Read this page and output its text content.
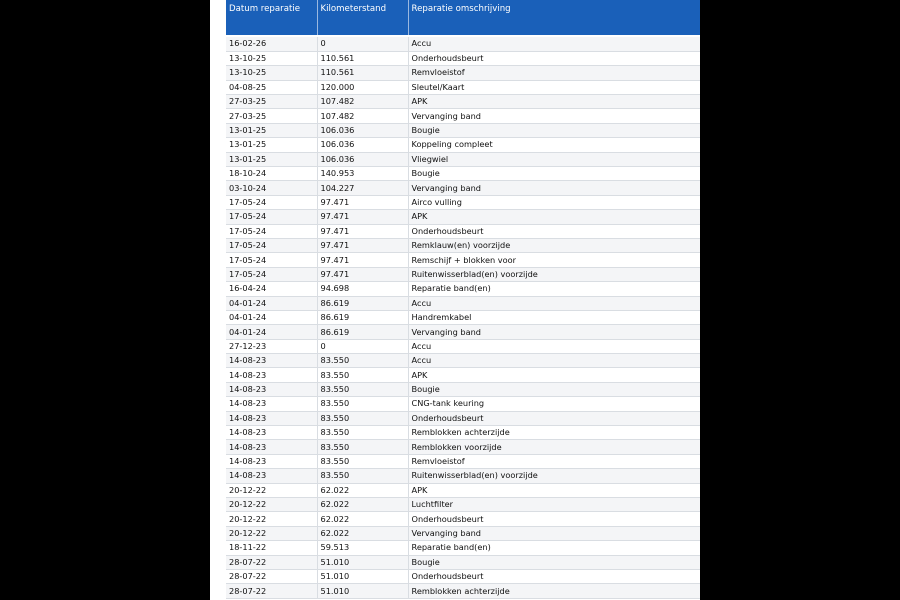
Datum reparatie	Kilometerstand	Reparatie omschrijving

16-02-26	0	Accu
13-10-25	110.561	Onderhoudsbeurt
13-10-25	110.561	Remvloeistof
04-08-25	120.000	Sleutel/Kaart
27-03-25	107.482	APK
27-03-25	107.482	Vervanging band
13-01-25	106.036	Bougie
13-01-25	106.036	Koppeling compleet
13-01-25	106.036	Vliegwiel
18-10-24	140.953	Bougie
03-10-24	104.227	Vervanging band
17-05-24	97.471	Airco vulling
17-05-24	97.471	APK
17-05-24	97.471	Onderhoudsbeurt
17-05-24	97.471	Remklauw(en) voorzijde
17-05-24	97.471	Remschijf + blokken voor
17-05-24	97.471	Ruitenwisserblad(en) voorzijde
16-04-24	94.698	Reparatie band(en)
04-01-24	86.619	Accu
04-01-24	86.619	Handremkabel
04-01-24	86.619	Vervanging band
27-12-23	0	Accu
14-08-23	83.550	Accu
14-08-23	83.550	APK
14-08-23	83.550	Bougie
14-08-23	83.550	CNG-tank keuring
14-08-23	83.550	Onderhoudsbeurt
14-08-23	83.550	Remblokken achterzijde
14-08-23	83.550	Remblokken voorzijde
14-08-23	83.550	Remvloeistof
14-08-23	83.550	Ruitenwisserblad(en) voorzijde
20-12-22	62.022	APK
20-12-22	62.022	Luchtfilter
20-12-22	62.022	Onderhoudsbeurt
20-12-22	62.022	Vervanging band
18-11-22	59.513	Reparatie band(en)
28-07-22	51.010	Bougie
28-07-22	51.010	Onderhoudsbeurt
28-07-22	51.010	Remblokken achterzijde
